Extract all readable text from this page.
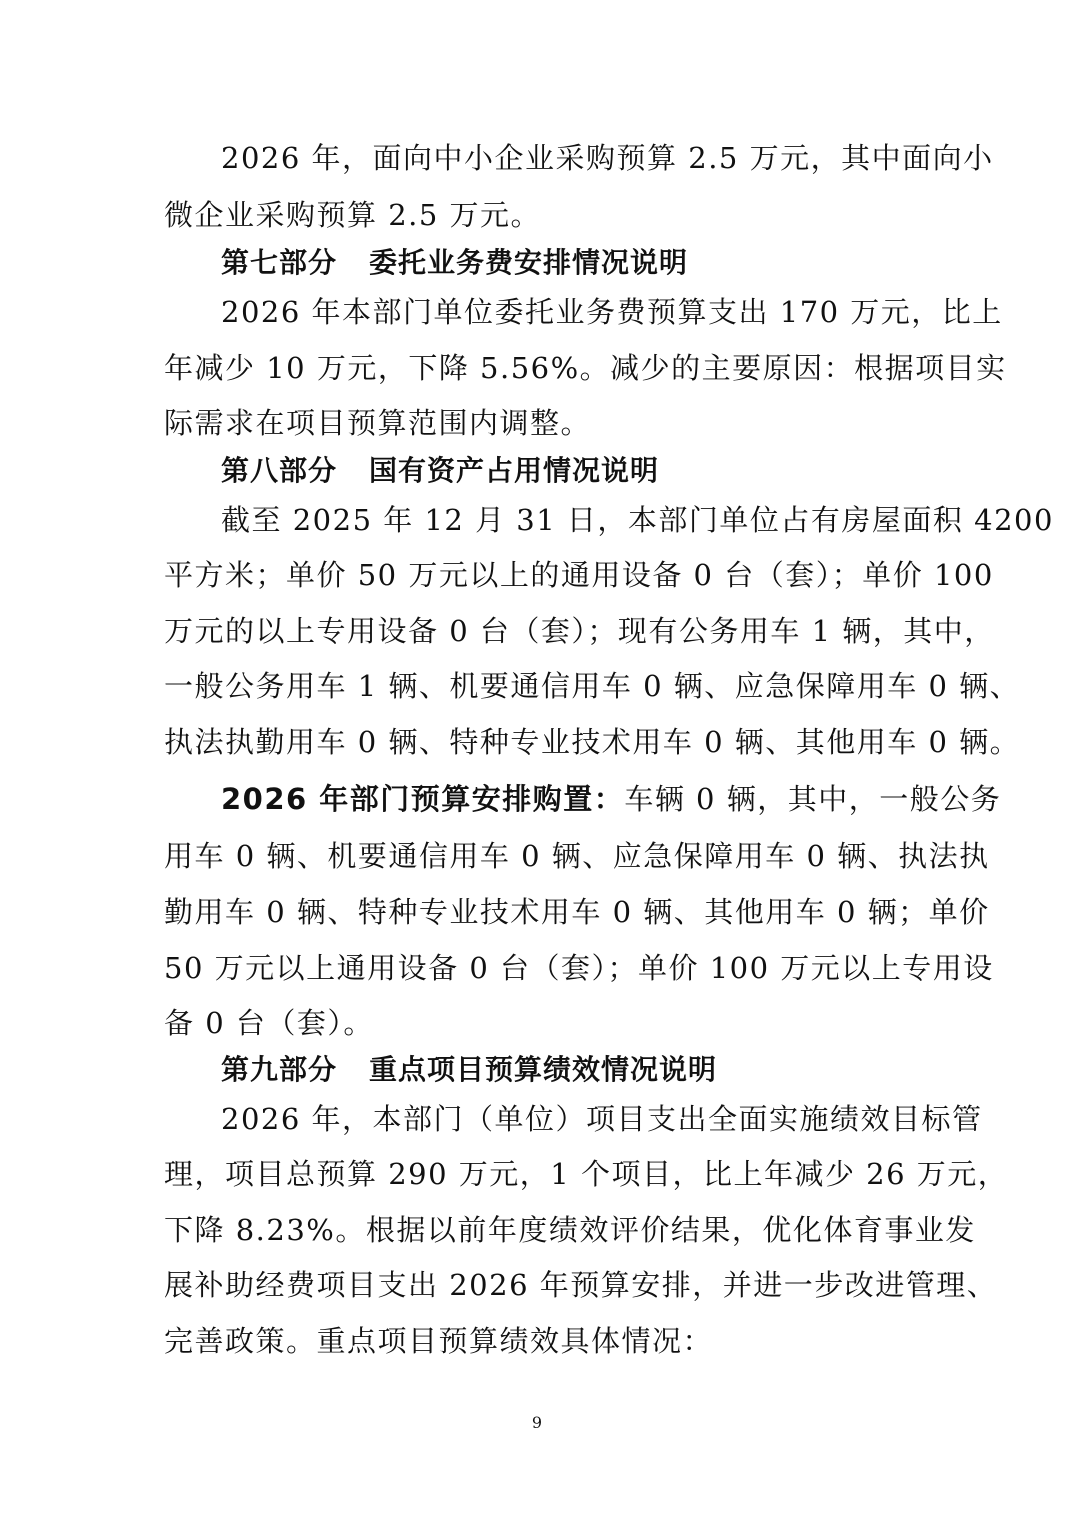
2026 年，面向中小企业采购预算 2.5 万元，其中面向小
微企业采购预算 2.5 万元。
第七部分 委托业务费安排情况说明
2026 年本部门单位委托业务费预算支出 170 万元，比上
年减少 10 万元，下降 5.56%。减少的主要原因：根据项目实
际需求在项目预算范围内调整。
第八部分 国有资产占用情况说明
截至 2025 年 12 月 31 日，本部门单位占有房屋面积 4200
平方米；单价 50 万元以上的通用设备 0 台（套）；单价 100
万元的以上专用设备 0 台（套）；现有公务用车 1 辆，其中，
一般公务用车 1 辆、机要通信用车 0 辆、应急保障用车 0 辆、
执法执勤用车 0 辆、特种专业技术用车 0 辆、其他用车 0 辆。
2026 年部门预算安排购置：车辆 0 辆，其中，一般公务
用车 0 辆、机要通信用车 0 辆、应急保障用车 0 辆、执法执
勤用车 0 辆、特种专业技术用车 0 辆、其他用车 0 辆；单价
50 万元以上通用设备 0 台（套）；单价 100 万元以上专用设
备 0 台（套）。
第九部分 重点项目预算绩效情况说明
2026 年，本部门（单位）项目支出全面实施绩效目标管
理，项目总预算 290 万元，1 个项目，比上年减少 26 万元，
下降 8.23%。根据以前年度绩效评价结果，优化体育事业发
展补助经费项目支出 2026 年预算安排，并进一步改进管理、
完善政策。重点项目预算绩效具体情况：
9
